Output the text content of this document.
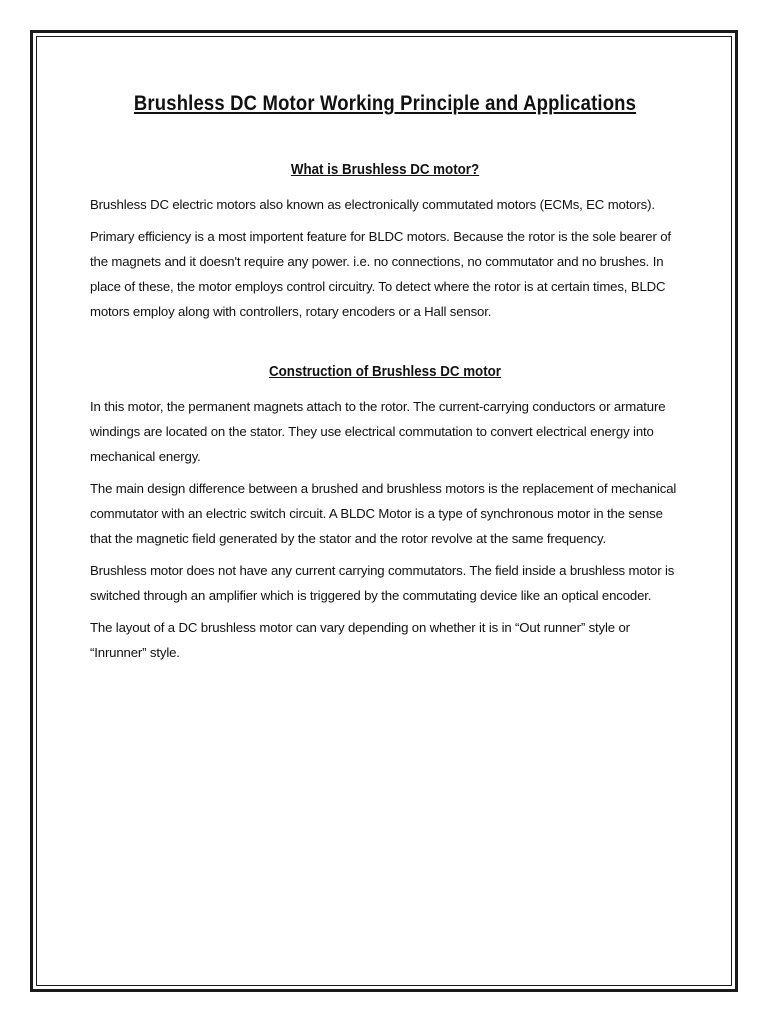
Brushless DC Motor Working Principle and Applications
What is Brushless DC motor?

Brushless DC electric motors also known as electronically commutated motors (ECMs, EC motors).

Primary efficiency is a most importent feature for BLDC motors. Because the rotor is the sole bearer of the magnets and it doesn't require any power. i.e. no connections, no commutator and no brushes. In place of these, the motor employs control circuitry. To detect where the rotor is at certain times, BLDC motors employ along with controllers, rotary encoders or a Hall sensor.

Construction of Brushless DC motor

In this motor, the permanent magnets attach to the rotor. The current-carrying conductors or armature windings are located on the stator. They use electrical commutation to convert electrical energy into mechanical energy.

The main design difference between a brushed and brushless motors is the replacement of mechanical commutator with an electric switch circuit. A BLDC Motor is a type of synchronous motor in the sense that the magnetic field generated by the stator and the rotor revolve at the same frequency.

Brushless motor does not have any current carrying commutators. The field inside a brushless motor is switched through an amplifier which is triggered by the commutating device like an optical encoder.

The layout of a DC brushless motor can vary depending on whether it is in “Out runner” style or “Inrunner” style.
